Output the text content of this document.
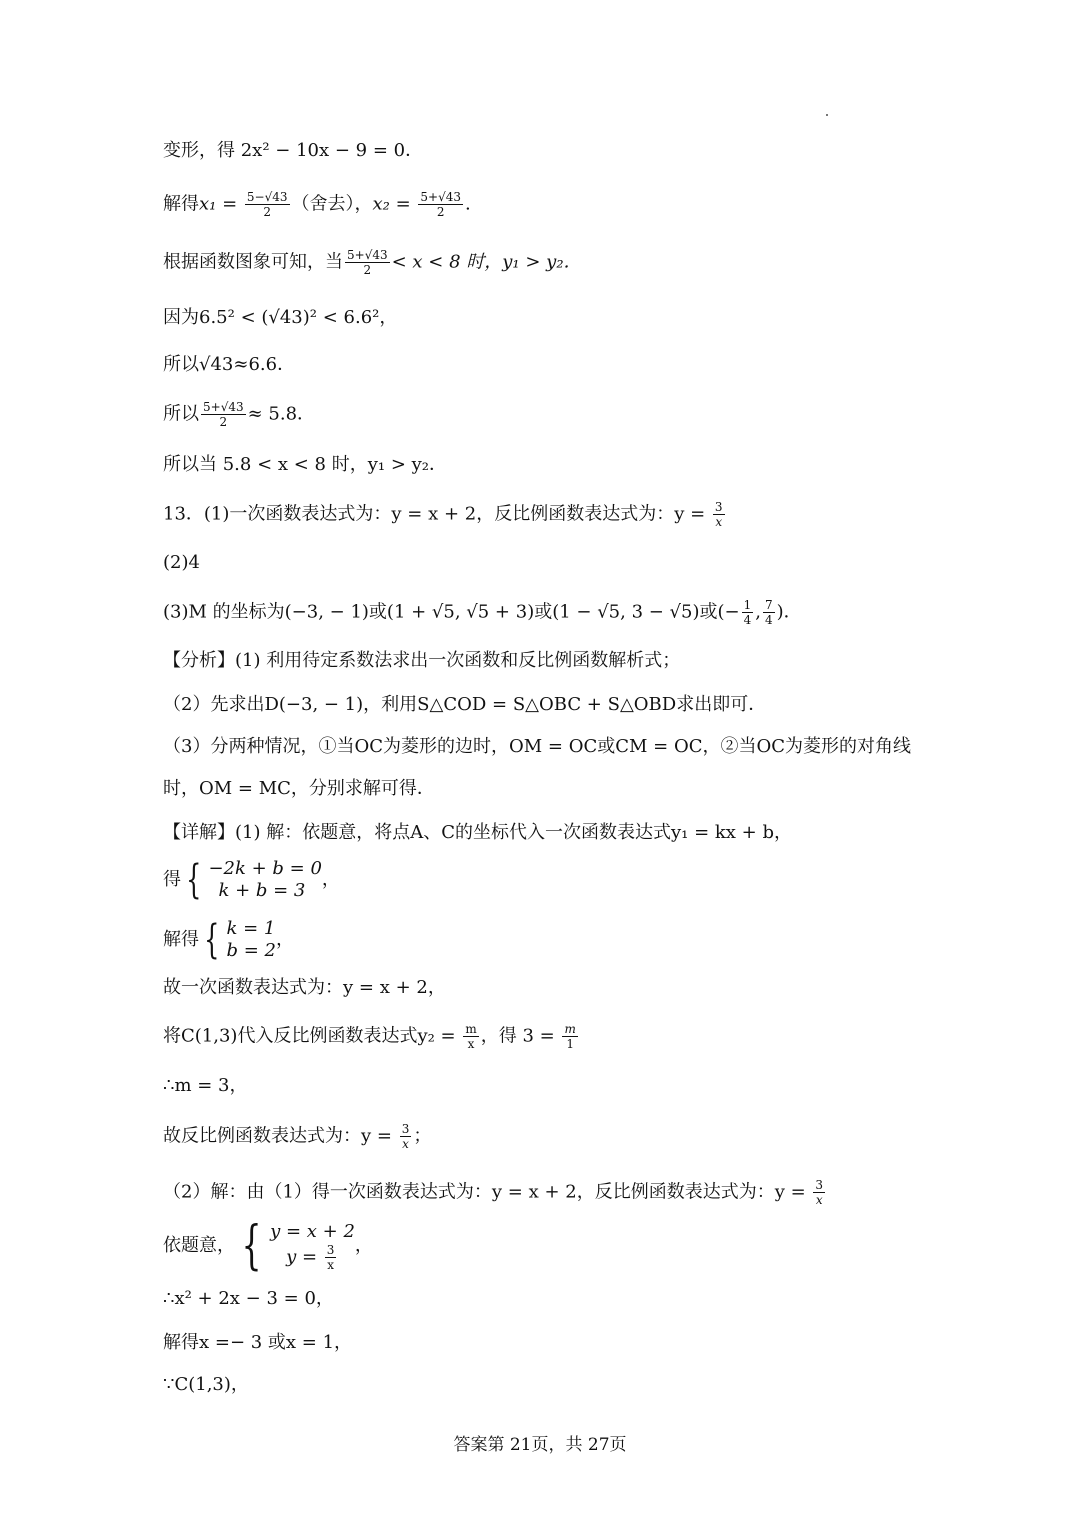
变形，得 2x² − 10x − 9 = 0．
解得$x_1 = \frac{5-√43}{2}$ （舍去），$x_2 = \frac{5+√43}{2}$ .
根据函数图象可知，当 $\frac{5+√43}{2} < x < 8$ 时，y₁ > y₂．
因为6.5² < (√43)² < 6.6²，
所以√43≈6.6．
所以 $\frac{5+√43}{2} \approx 5.8$．
所以当 5.8 < x < 8 时，y₁ > y₂．
13．(1)一次函数表达式为：y = x + 2，反比例函数表达式为：$y = \frac{3}{x}$
(2)4
(3)M 的坐标为(−3, − 1)或(1 + √5, √5 + 3)或(1 − √5, 3 − √5)或(− $\frac{1}{4}$ , $\frac{7}{4}$ )．
【分析】(1) 利用待定系数法求出一次函数和反比例函数解析式；
（2）先求出D(−3, − 1)，利用S△COD = S△OBC + S△OBD求出即可．
（3）分两种情况，①当OC为菱形的边时，OM = OC或CM = OC，②当OC为菱形的对角线
时，OM = MC，分别求解可得．
【详解】(1) 解：依题意，将点A、C的坐标代入一次函数表达式y₁ = kx + b，
得 { −2k + b = 0
k + b = 3
，
解得 { k = 1
b = 2
，
故一次函数表达式为：y = x + 2，
将C(1,3)代入反比例函数表达式$y_2 = \frac{m}{x}$ ，得 $3 = \frac{m}{1}$
∴m = 3，
故反比例函数表达式为：$y = \frac{3}{x}$ ；
（2）解：由（1）得一次函数表达式为：y = x + 2，反比例函数表达式为：$y = \frac{3}{x}$
依题意， { y = x + 2
$y = \frac{3}{x}$ ，
∴x² + 2x − 3 = 0，
解得x =− 3 或x = 1，
∵C(1,3)，
答案第 21页，共 27页
